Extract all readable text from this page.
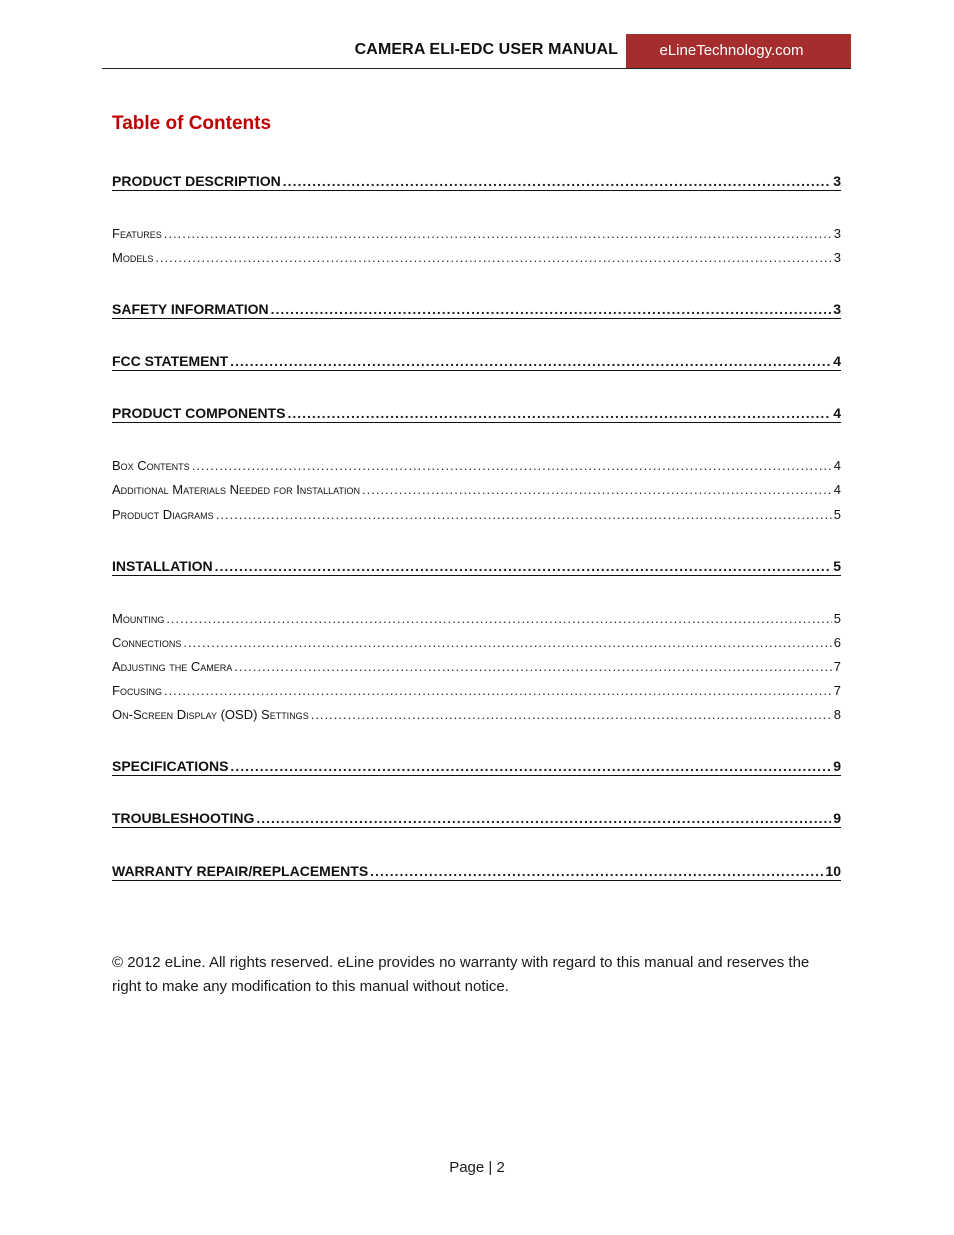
CAMERA ELI-EDC USER MANUAL	eLineTechnology.com
Table of Contents
PRODUCT DESCRIPTION .....	3
Features .....	3
Models .....	3
SAFETY INFORMATION .....	3
FCC STATEMENT .....	4
PRODUCT COMPONENTS .....	4
Box Contents .....	4
Additional Materials Needed for Installation .....	4
Product Diagrams .....	5
INSTALLATION .....	5
Mounting .....	5
Connections .....	6
Adjusting the Camera .....	7
Focusing .....	7
On-Screen Display (OSD) Settings .....	8
SPECIFICATIONS .....	9
TROUBLESHOOTING .....	9
WARRANTY REPAIR/REPLACEMENTS .....	10
© 2012 eLine. All rights reserved. eLine provides no warranty with regard to this manual and reserves the right to make any modification to this manual without notice.
Page | 2
